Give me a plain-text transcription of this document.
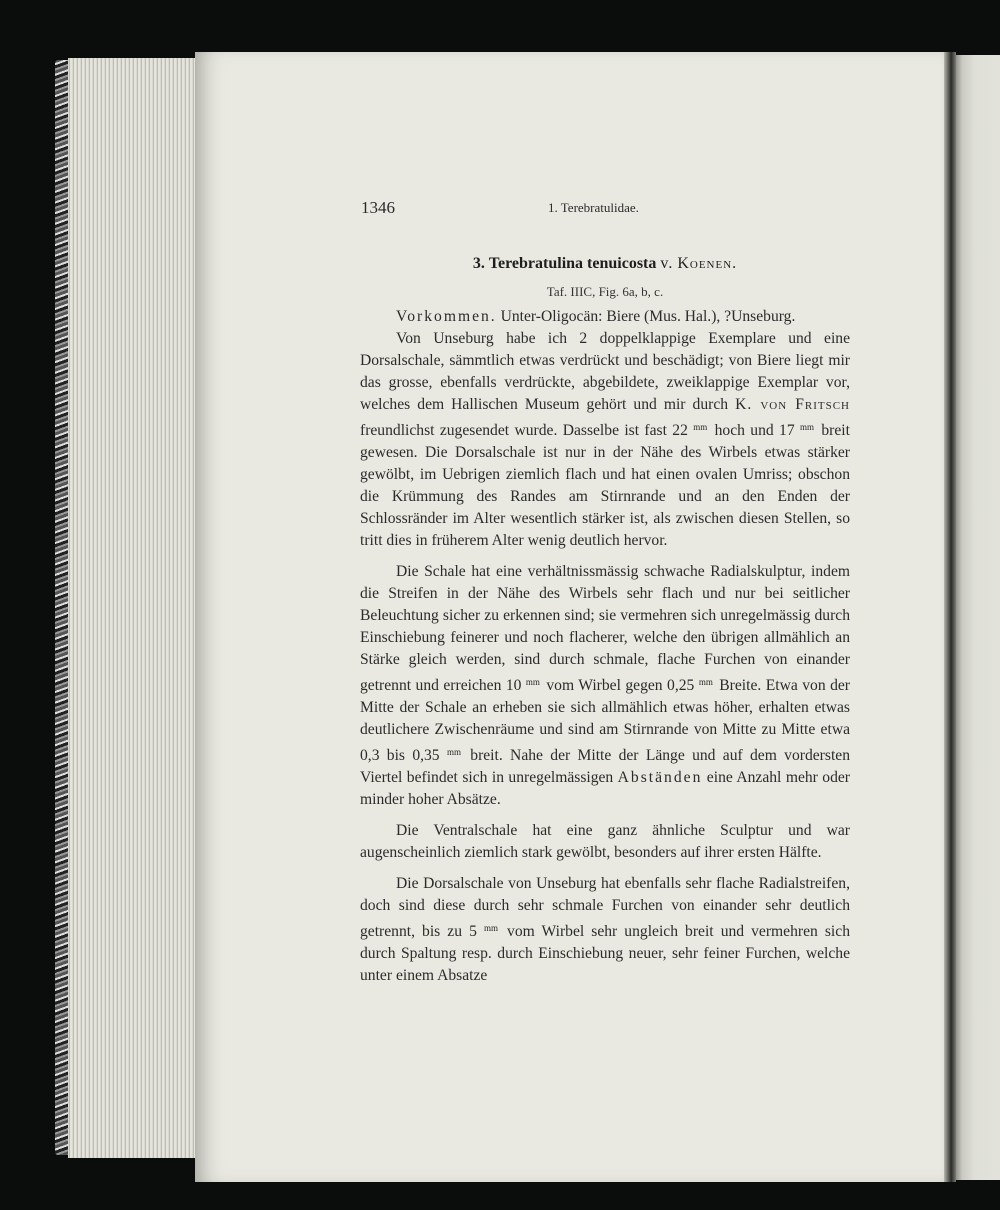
1346	1. Terebratulidae.
3. Terebratulina tenuicosta v. Koenen.
Taf. IIIC, Fig. 6a, b, c.

Vorkommen. Unter-Oligocän: Biere (Mus. Hal.), ?Unseburg.

Von Unseburg habe ich 2 doppelklappige Exemplare und eine Dorsalschale, sämmtlich etwas verdrückt und beschädigt; von Biere liegt mir das grosse, ebenfalls verdrückte, abgebildete, zweiklappige Exemplar vor, welches dem Hallischen Museum gehört und mir durch K. von Fritsch freundlichst zugesendet wurde. Dasselbe ist fast 22 $^{mm}$ hoch und 17 $^{mm}$ breit gewesen. Die Dorsalschale ist nur in der Nähe des Wirbels etwas stärker gewölbt, im Uebrigen ziemlich flach und hat einen ovalen Umriss; obschon die Krümmung des Randes am Stirnrande und an den Enden der Schlossränder im Alter wesentlich stärker ist, als zwischen diesen Stellen, so tritt dies in früherem Alter wenig deutlich hervor.

Die Schale hat eine verhältnissmässig schwache Radialskulptur, indem die Streifen in der Nähe des Wirbels sehr flach und nur bei seitlicher Beleuchtung sicher zu erkennen sind; sie vermehren sich unregelmässig durch Einschiebung feinerer und noch flacherer, welche den übrigen allmählich an Stärke gleich werden, sind durch schmale, flache Furchen von einander getrennt und erreichen 10 $^{mm}$ vom Wirbel gegen 0,25 $^{mm}$ Breite. Etwa von der Mitte der Schale an erheben sie sich allmählich etwas höher, erhalten etwas deutlichere Zwischenräume und sind am Stirnrande von Mitte zu Mitte etwa 0,3 bis 0,35 $^{mm}$ breit. Nahe der Mitte der Länge und auf dem vordersten Viertel befindet sich in unregelmässigen Abständen eine Anzahl mehr oder minder hoher Absätze.

Die Ventralschale hat eine ganz ähnliche Sculptur und war augenscheinlich ziemlich stark gewölbt, besonders auf ihrer ersten Hälfte.

Die Dorsalschale von Unseburg hat ebenfalls sehr flache Radialstreifen, doch sind diese durch sehr schmale Furchen von einander sehr deutlich getrennt, bis zu 5 $^{mm}$ vom Wirbel sehr ungleich breit und vermehren sich durch Spaltung resp. durch Einschiebung neuer, sehr feiner Furchen, welche unter einem Absatze
